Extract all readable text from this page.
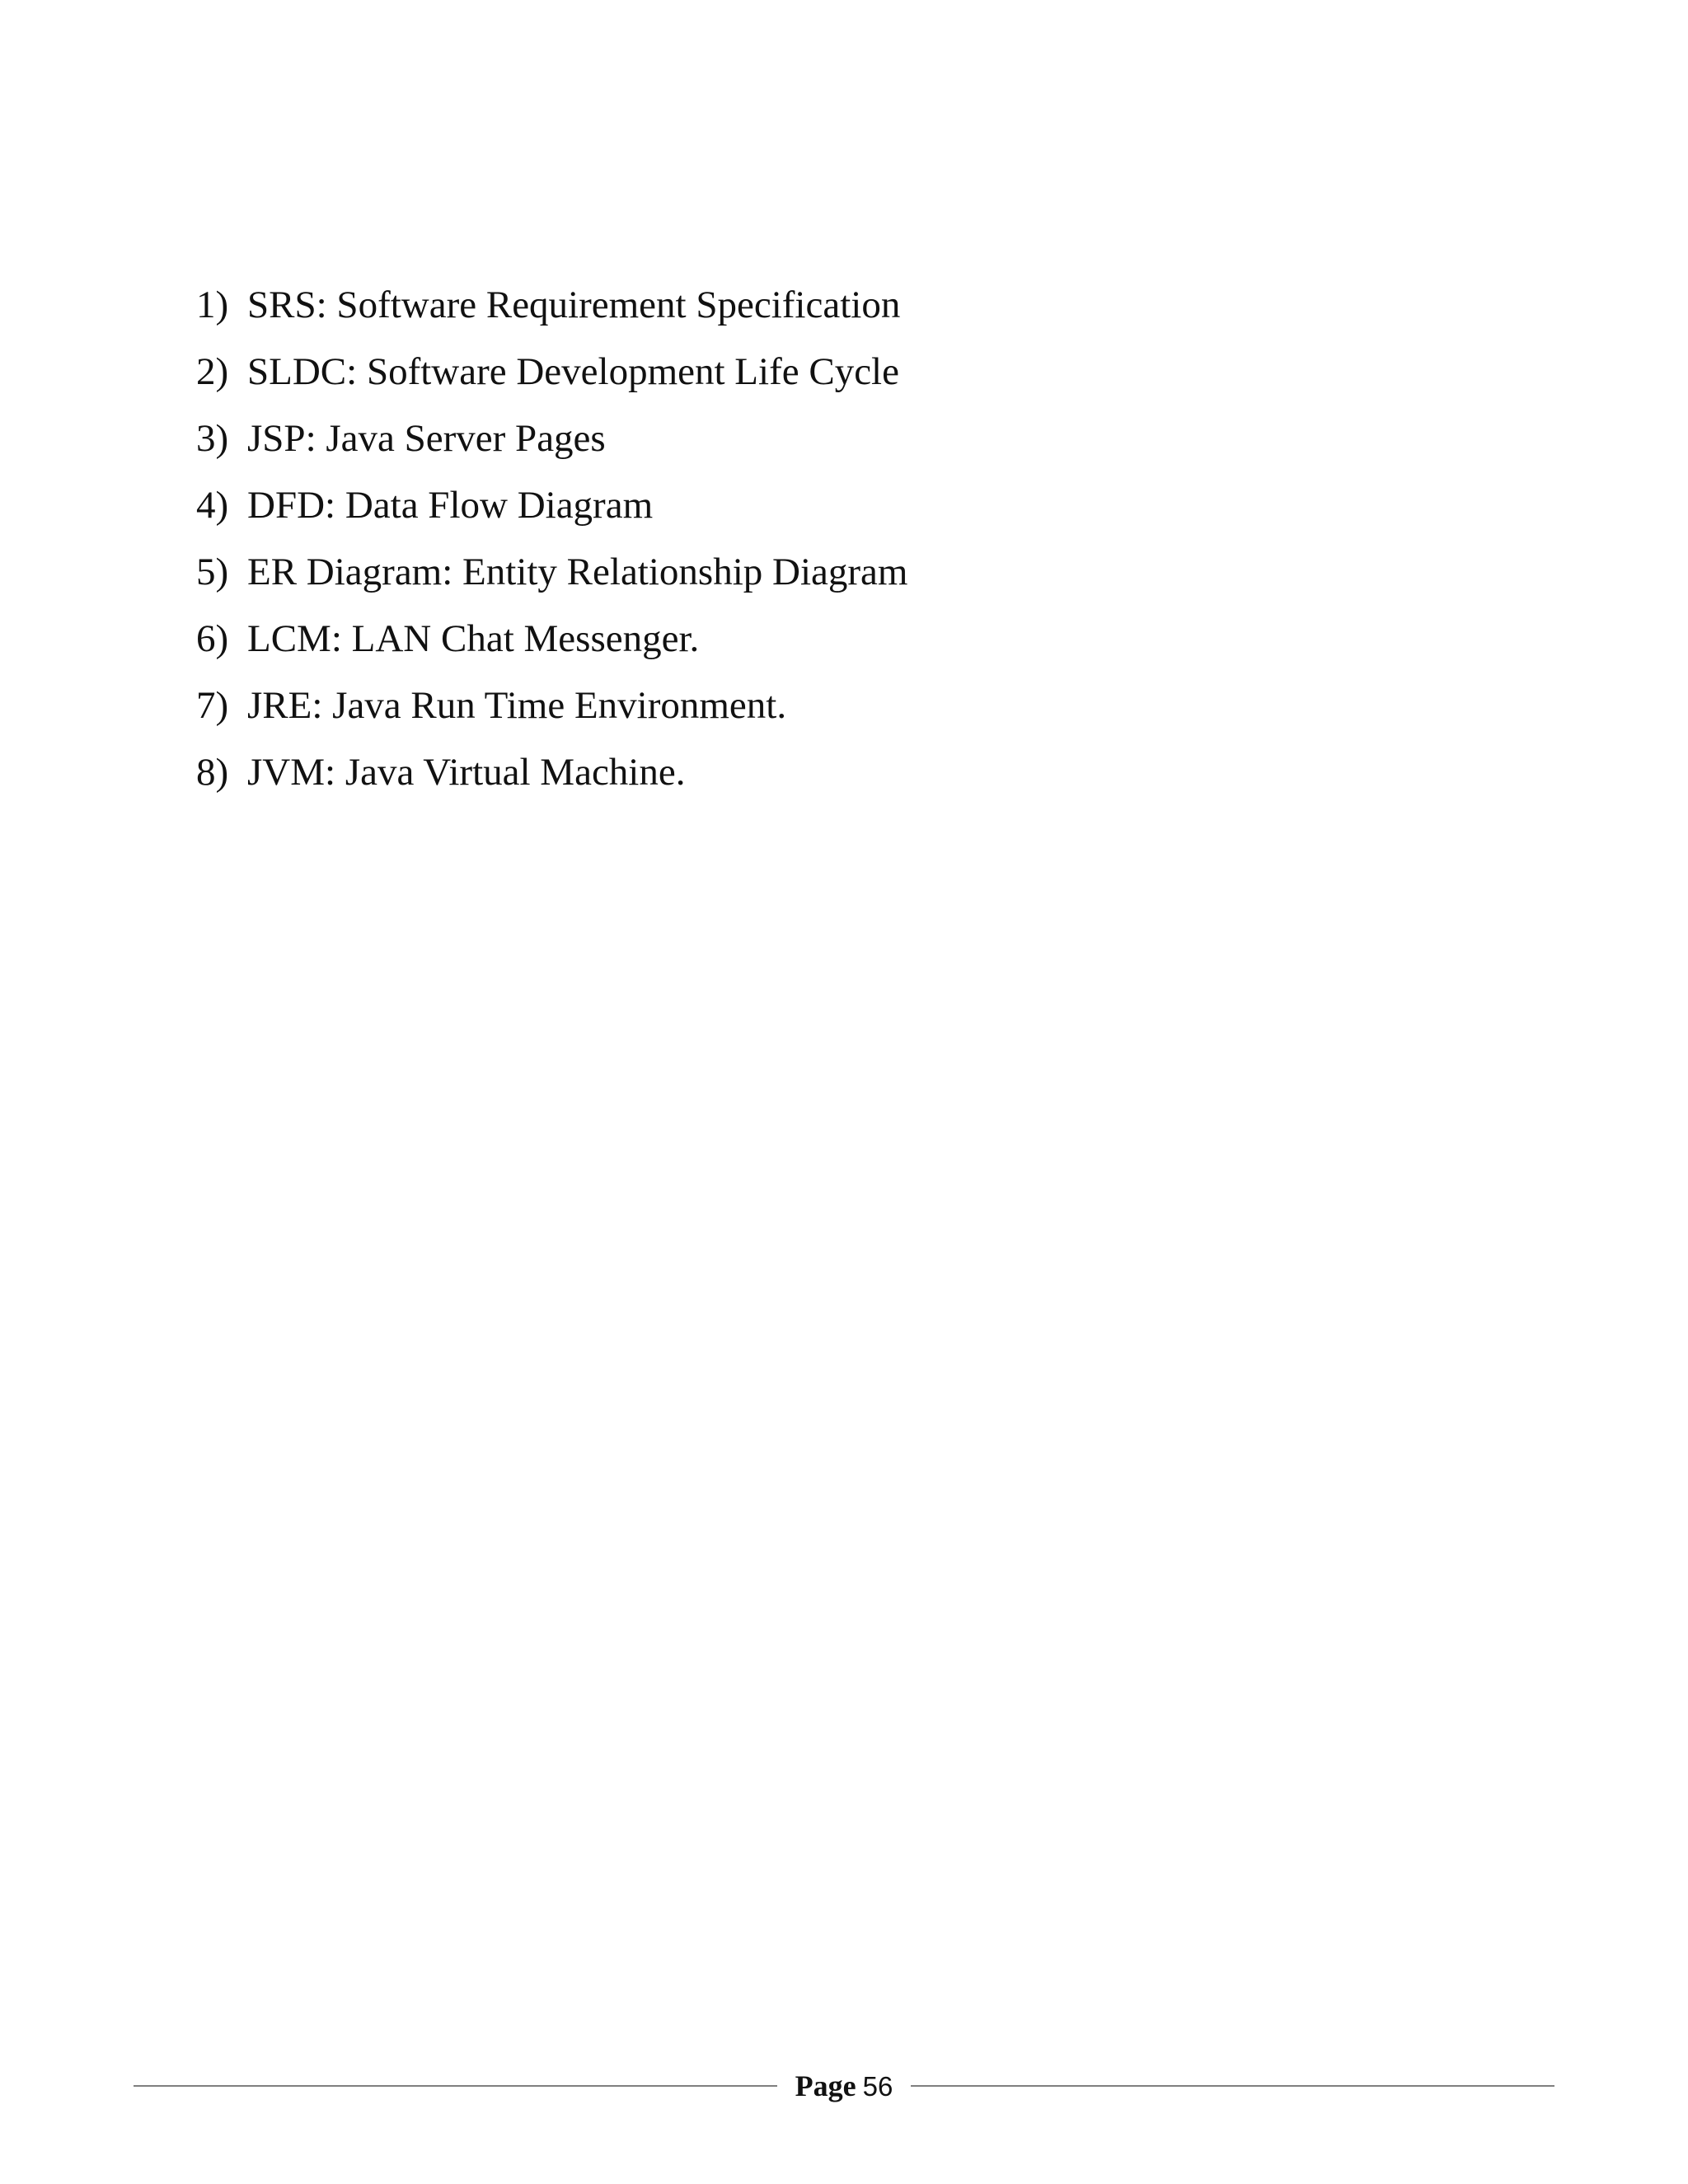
1) SRS: Software Requirement Specification
2) SLDC: Software Development Life Cycle
3) JSP: Java Server Pages
4) DFD: Data Flow Diagram
5) ER Diagram: Entity Relationship Diagram
6) LCM: LAN Chat Messenger.
7) JRE: Java Run Time Environment.
8) JVM: Java Virtual Machine.
Page 56
